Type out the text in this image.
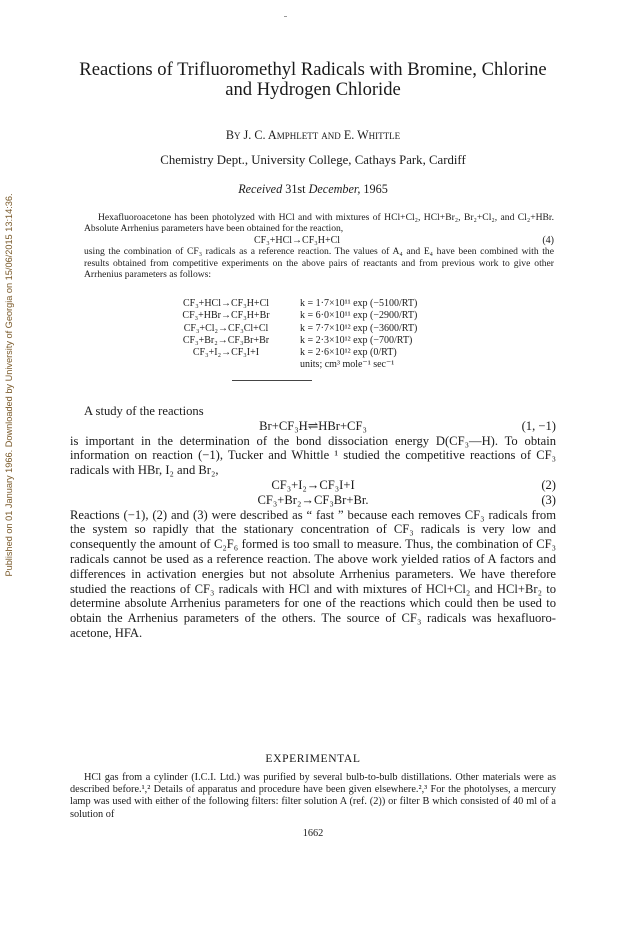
Published on 01 January 1966. Downloaded by University of Georgia on 15/06/2015 13:14:36.
Reactions of Trifluoromethyl Radicals with Bromine, Chlorine
and Hydrogen Chloride
By J. C. Amphlett and E. Whittle
Chemistry Dept., University College, Cathays Park, Cardiff
Received 31st December, 1965

Hexafluoroacetone has been photolyzed with HCl and with mixtures of HCl+Cl₂, HCl+Br₂, Br₂+Cl₂, and Cl₂+HBr. Absolute Arrhenius parameters have been obtained for the reaction,

CF₃+HCl→CF₃H+Cl	(4)

using the combination of CF₃ radicals as a reference reaction. The values of A₄ and E₄ have been combined with the results obtained from competitive experiments on the above pairs of reactants and from previous work to give other Arrhenius parameters as follows:

CF₃+HCl→CF₃H+Cl	k = 1·7×10¹¹ exp (−5100/RT)
CF₃+HBr→CF₃H+Br	k = 6·0×10¹¹ exp (−2900/RT)
CF₃+Cl₂→CF₃Cl+Cl	k = 7·7×10¹² exp (−3600/RT)
CF₃+Br₂→CF₃Br+Br	k = 2·3×10¹² exp (−700/RT)
CF₃+I₂→CF₃I+I	k = 2·6×10¹² exp (0/RT)
units; cm³ mole⁻¹ sec⁻¹

A study of the reactions

Br+CF₃H⇌HBr+CF₃	(1, −1)

is important in the determination of the bond dissociation energy D(CF₃—H). To obtain information on reaction (−1), Tucker and Whittle ¹ studied the competitive reactions of CF₃ radicals with HBr, I₂ and Br₂,

CF₃+I₂→CF₃I+I	(2)
CF₃+Br₂→CF₃Br+Br.	(3)

Reactions (−1), (2) and (3) were described as “ fast ” because each removes CF₃ radicals from the system so rapidly that the stationary concentration of CF₃ radicals is very low and consequently the amount of C₂F₆ formed is too small to measure. Thus, the combination of CF₃ radicals cannot be used as a reference reaction. The above work yielded ratios of A factors and differences in activation energies but not absolute Arrhenius parameters. We have therefore studied the reactions of CF₃ radicals with HCl and with mixtures of HCl+Cl₂ and HCl+Br₂ to determine absolute Arrhenius parameters for one of the reactions which could then be used to obtain the Arrhenius parameters of the others. The source of CF₃ radicals was hexafluoro-acetone, HFA.

EXPERIMENTAL

HCl gas from a cylinder (I.C.I. Ltd.) was purified by several bulb-to-bulb distillations. Other materials were as described before.¹,² Details of apparatus and procedure have been given elsewhere.²,³ For the photolyses, a mercury lamp was used with either of the following filters: filter solution A (ref. (2)) or filter B which consisted of 40 ml of a solution of

1662
